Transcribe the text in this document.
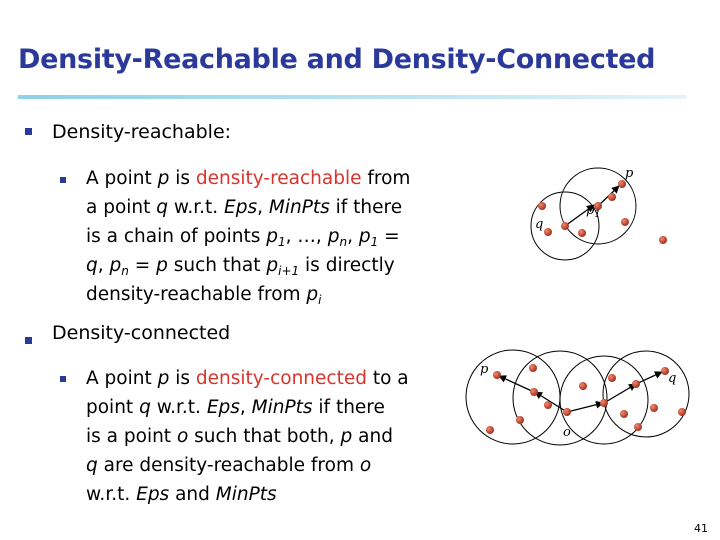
Density-Reachable and Density-Connected
Density-reachable:
A point p is density-reachable from
a point q w.r.t. Eps, MinPts if there
is a chain of points $p_1$, …, $p_n$, $p_1$ =
q, $p_n = p$ such that $p_{i+1}$ is directly
density-reachable from $p_i$
Density-connected
A point p is density-connected to a
point q w.r.t. Eps, MinPts if there
is a point o such that both, p and
q are density-reachable from o
w.r.t. Eps and MinPts
p
q
$p_1$
p
q
o
41
